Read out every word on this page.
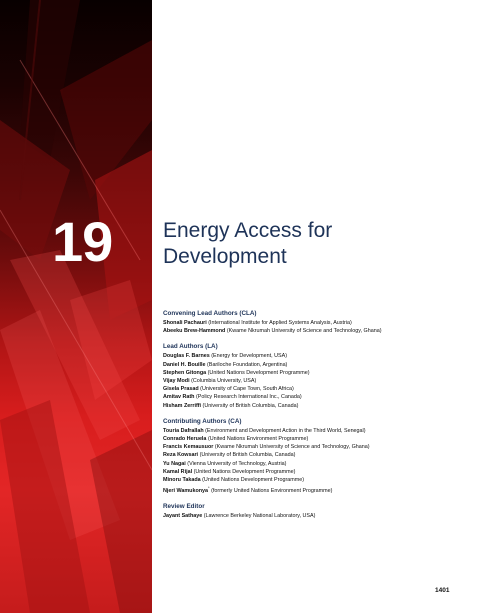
19 Energy Access for
Development
Convening Lead Authors (CLA)
Shonali Pachauri (International Institute for Applied Systems Analysis, Austria)
Abeeku Brew-Hammond (Kwame Nkrumah University of Science and Technology, Ghana)
Lead Authors (LA)
Douglas F. Barnes (Energy for Development, USA)
Daniel H. Bouille (Bariloche Foundation, Argentina)
Stephen Gitonga (United Nations Development Programme)
Vijay Modi (Columbia University, USA)
Gisela Prasad (University of Cape Town, South Africa)
Amitav Rath (Policy Research International Inc., Canada)
Hisham Zerriffi (University of British Columbia, Canada)
Contributing Authors (CA)
Touria Dafrallah (Environment and Development Action in the Third World, Senegal)
Conrado Heruela (United Nations Environment Programme)
Francis Kemausuor (Kwame Nkrumah University of Science and Technology, Ghana)
Reza Kowsari (University of British Columbia, Canada)
Yu Nagai (Vienna University of Technology, Austria)
Kamal Rijal (United Nations Development Programme)
Minoru Takada (United Nations Development Programme)
Njeri Wamukonya* (formerly United Nations Environment Programme)
Review Editor
Jayant Sathaye (Lawrence Berkeley National Laboratory, USA)
1401
